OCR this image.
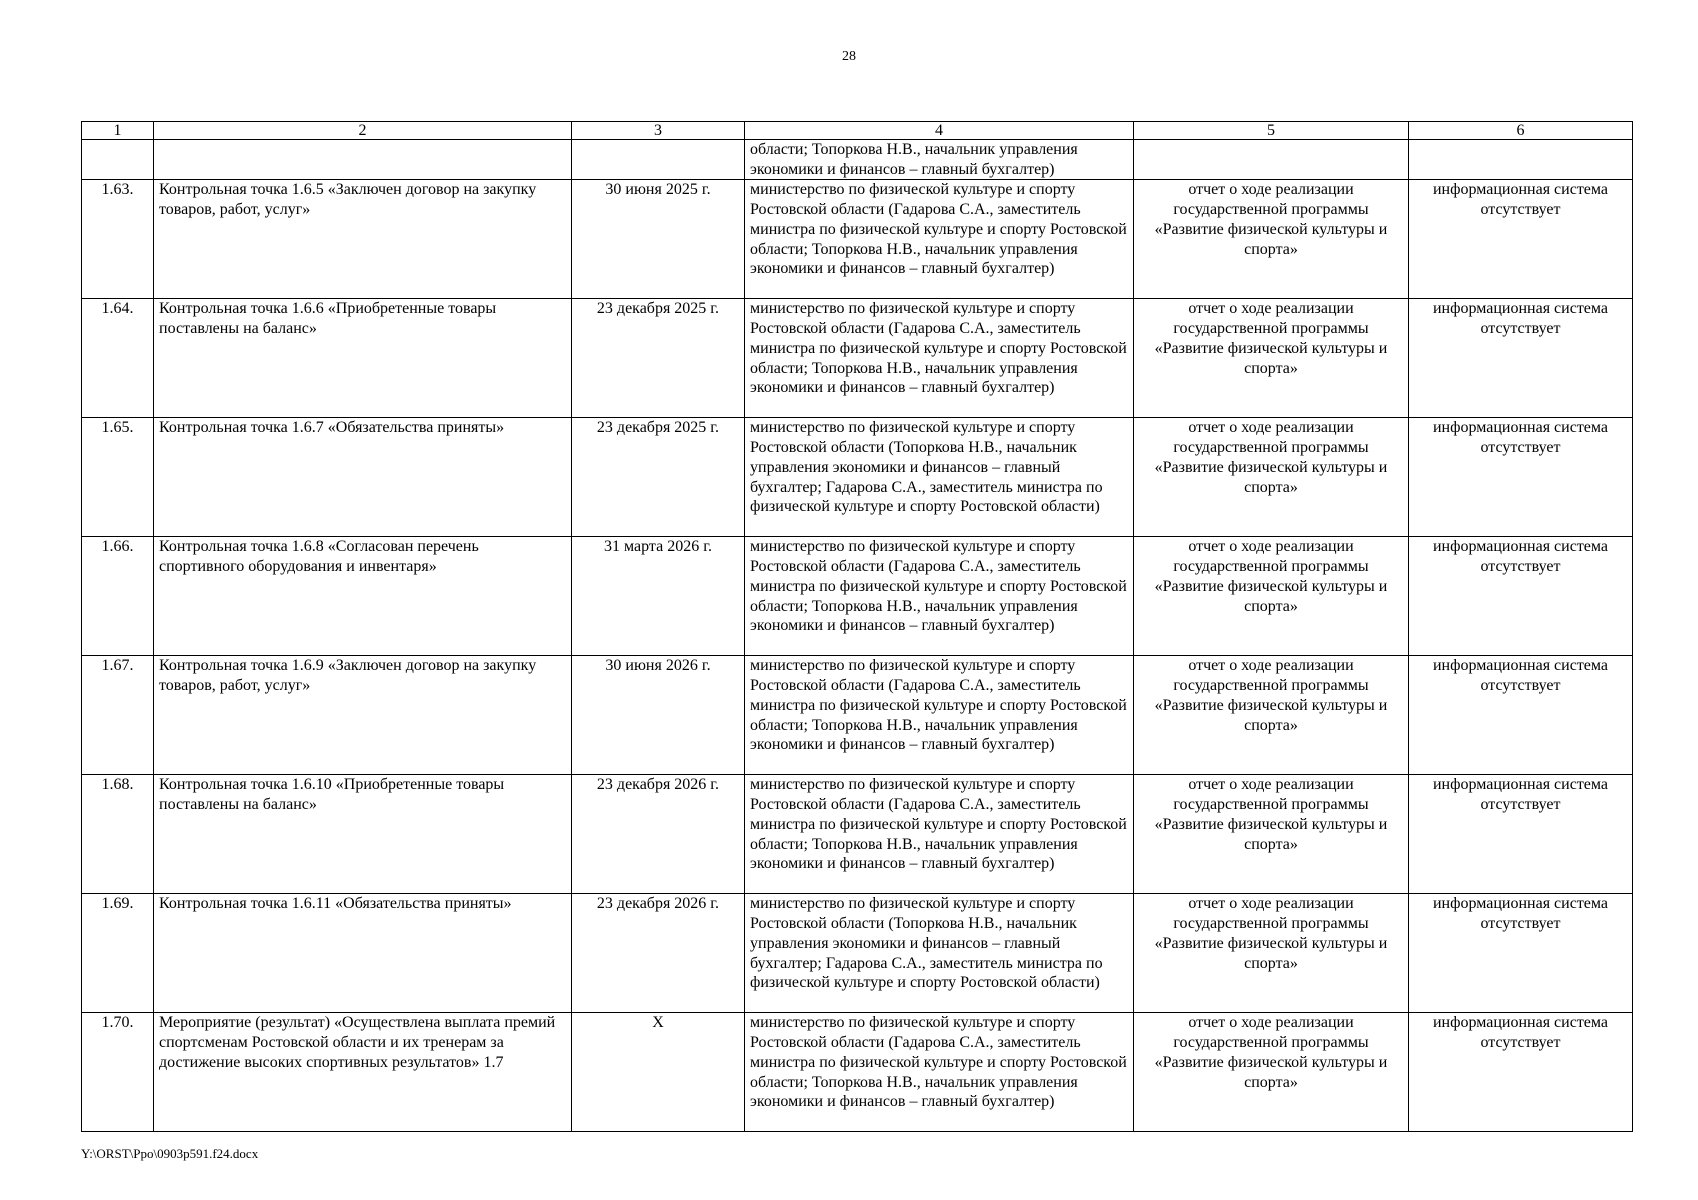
28
1	2	3	4	5	6
			области; Топоркова Н.В., начальник управления экономики и финансов – главный бухгалтер)		
1.63.	Контрольная точка 1.6.5 «Заключен договор на закупку товаров, работ, услуг»	30 июня 2025 г.	министерство по физической культуре и спорту Ростовской области (Гадарова С.А., заместитель министра по физической культуре и спорту Ростовской области; Топоркова Н.В., начальник управления экономики и финансов – главный бухгалтер)	отчет о ходе реализации государственной программы «Развитие физической культуры и спорта»	информационная система отсутствует
1.64.	Контрольная точка 1.6.6 «Приобретенные товары поставлены на баланс»	23 декабря 2025 г.	министерство по физической культуре и спорту Ростовской области (Гадарова С.А., заместитель министра по физической культуре и спорту Ростовской области; Топоркова Н.В., начальник управления экономики и финансов – главный бухгалтер)	отчет о ходе реализации государственной программы «Развитие физической культуры и спорта»	информационная система отсутствует
1.65.	Контрольная точка 1.6.7 «Обязательства приняты»	23 декабря 2025 г.	министерство по физической культуре и спорту Ростовской области (Топоркова Н.В., начальник управления экономики и финансов – главный бухгалтер; Гадарова С.А., заместитель министра по физической культуре и спорту Ростовской области)	отчет о ходе реализации государственной программы «Развитие физической культуры и спорта»	информационная система отсутствует
1.66.	Контрольная точка 1.6.8 «Согласован перечень спортивного оборудования и инвентаря»	31 марта 2026 г.	министерство по физической культуре и спорту Ростовской области (Гадарова С.А., заместитель министра по физической культуре и спорту Ростовской области; Топоркова Н.В., начальник управления экономики и финансов – главный бухгалтер)	отчет о ходе реализации государственной программы «Развитие физической культуры и спорта»	информационная система отсутствует
1.67.	Контрольная точка 1.6.9 «Заключен договор на закупку товаров, работ, услуг»	30 июня 2026 г.	министерство по физической культуре и спорту Ростовской области (Гадарова С.А., заместитель министра по физической культуре и спорту Ростовской области; Топоркова Н.В., начальник управления экономики и финансов – главный бухгалтер)	отчет о ходе реализации государственной программы «Развитие физической культуры и спорта»	информационная система отсутствует
1.68.	Контрольная точка 1.6.10 «Приобретенные товары поставлены на баланс»	23 декабря 2026 г.	министерство по физической культуре и спорту Ростовской области (Гадарова С.А., заместитель министра по физической культуре и спорту Ростовской области; Топоркова Н.В., начальник управления экономики и финансов – главный бухгалтер)	отчет о ходе реализации государственной программы «Развитие физической культуры и спорта»	информационная система отсутствует
1.69.	Контрольная точка 1.6.11 «Обязательства приняты»	23 декабря 2026 г.	министерство по физической культуре и спорту Ростовской области (Топоркова Н.В., начальник управления экономики и финансов – главный бухгалтер; Гадарова С.А., заместитель министра по физической культуре и спорту Ростовской области)	отчет о ходе реализации государственной программы «Развитие физической культуры и спорта»	информационная система отсутствует
1.70.	Мероприятие (результат) «Осуществлена выплата премий спортсменам Ростовской области и их тренерам за достижение высоких спортивных результатов» 1.7	X	министерство по физической культуре и спорту Ростовской области (Гадарова С.А., заместитель министра по физической культуре и спорту Ростовской области; Топоркова Н.В., начальник управления экономики и финансов – главный бухгалтер)	отчет о ходе реализации государственной программы «Развитие физической культуры и спорта»	информационная система отсутствует
Y:\ORST\Ppo\0903p591.f24.docx
